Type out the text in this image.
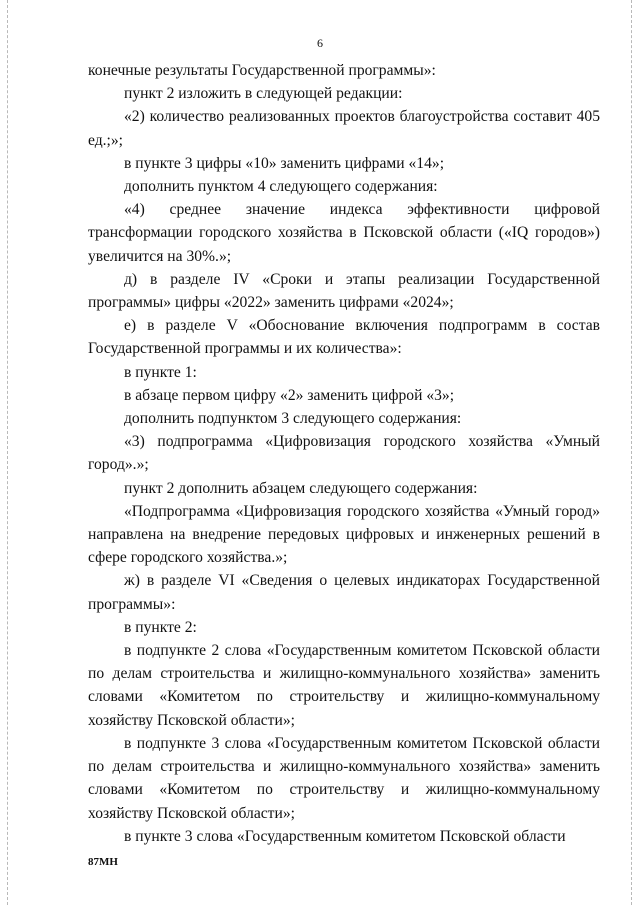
6

конечные результаты Государственной программы»:

пункт 2 изложить в следующей редакции:

«2) количество реализованных проектов благоустройства составит 405 ед.;»;

в пункте 3 цифры «10» заменить цифрами «14»;

дополнить пунктом 4 следующего содержания:

«4) среднее значение индекса эффективности цифровой трансформации городского хозяйства в Псковской области («IQ городов») увеличится на 30%.»;

д) в разделе IV «Сроки и этапы реализации Государственной программы» цифры «2022» заменить цифрами «2024»;

е) в разделе V «Обоснование включения подпрограмм в состав Государственной программы и их количества»:

в пункте 1:

в абзаце первом цифру «2» заменить цифрой «3»;

дополнить подпунктом 3 следующего содержания:

«3) подпрограмма «Цифровизация городского хозяйства «Умный город».»;

пункт 2 дополнить абзацем следующего содержания:

«Подпрограмма «Цифровизация городского хозяйства «Умный город» направлена на внедрение передовых цифровых и инженерных решений в сфере городского хозяйства.»;

ж) в разделе VI «Сведения о целевых индикаторах Государственной программы»:

в пункте 2:

в подпункте 2 слова «Государственным комитетом Псковской области по делам строительства и жилищно-коммунального хозяйства» заменить словами «Комитетом по строительству и жилищно-коммунальному хозяйству Псковской области»;

в подпункте 3 слова «Государственным комитетом Псковской области по делам строительства и жилищно-коммунального хозяйства» заменить словами «Комитетом по строительству и жилищно-коммунальному хозяйству Псковской области»;

в пункте 3 слова «Государственным комитетом Псковской области

87МН
